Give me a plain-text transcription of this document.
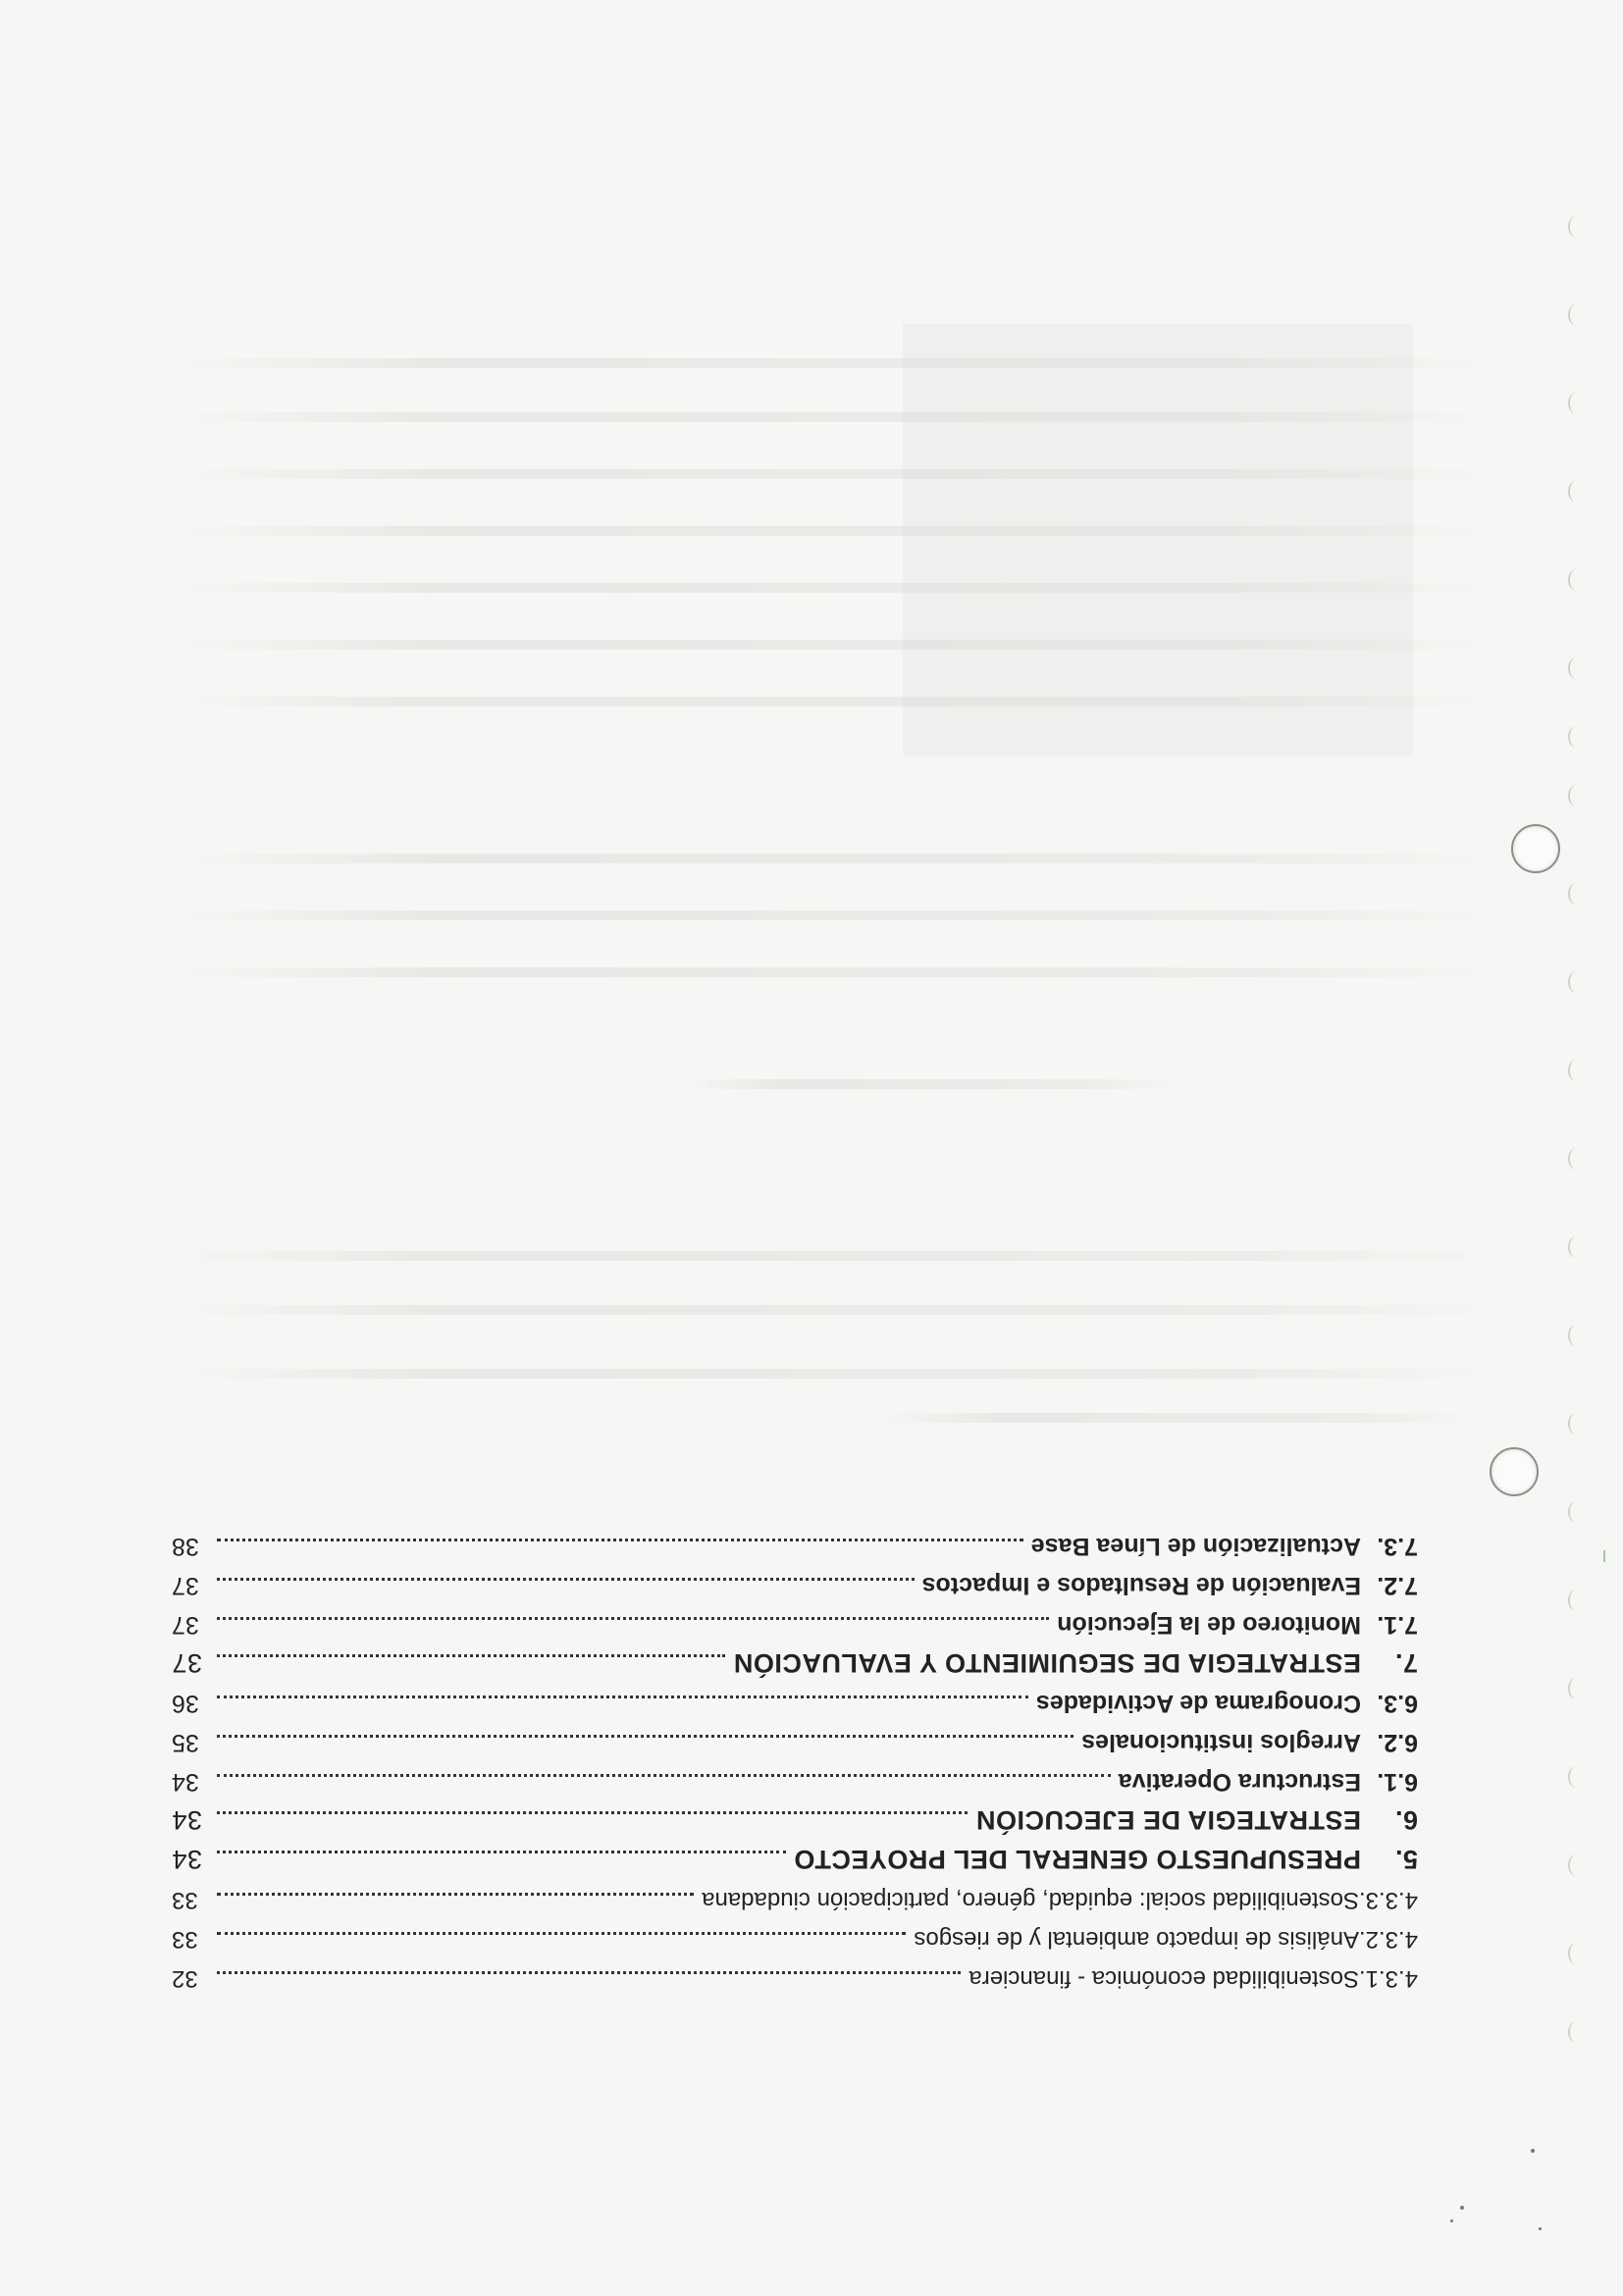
4.3.1.
Sostenibilidad económica - financiera
32
4.3.2.
Análisis de impacto ambiental y de riesgos
33
4.3.3.
Sostenibilidad social: equidad, género, participación ciudadana
33
5.
PRESUPUESTO GENERAL DEL PROYECTO
34
6.
ESTRATEGIA DE EJECUCIÓN
34
6.1.
Estructura Operativa
34
6.2.
Arreglos institucionales
35
6.3.
Cronograma de Actividades
36
7.
ESTRATEGIA DE SEGUIMIENTO Y EVALUACIÓN
37
7.1.
Monitoreo de la Ejecución
37
7.2.
Evaluación de Resultados e Impactos
37
7.3.
Actualización de Línea Base
38
